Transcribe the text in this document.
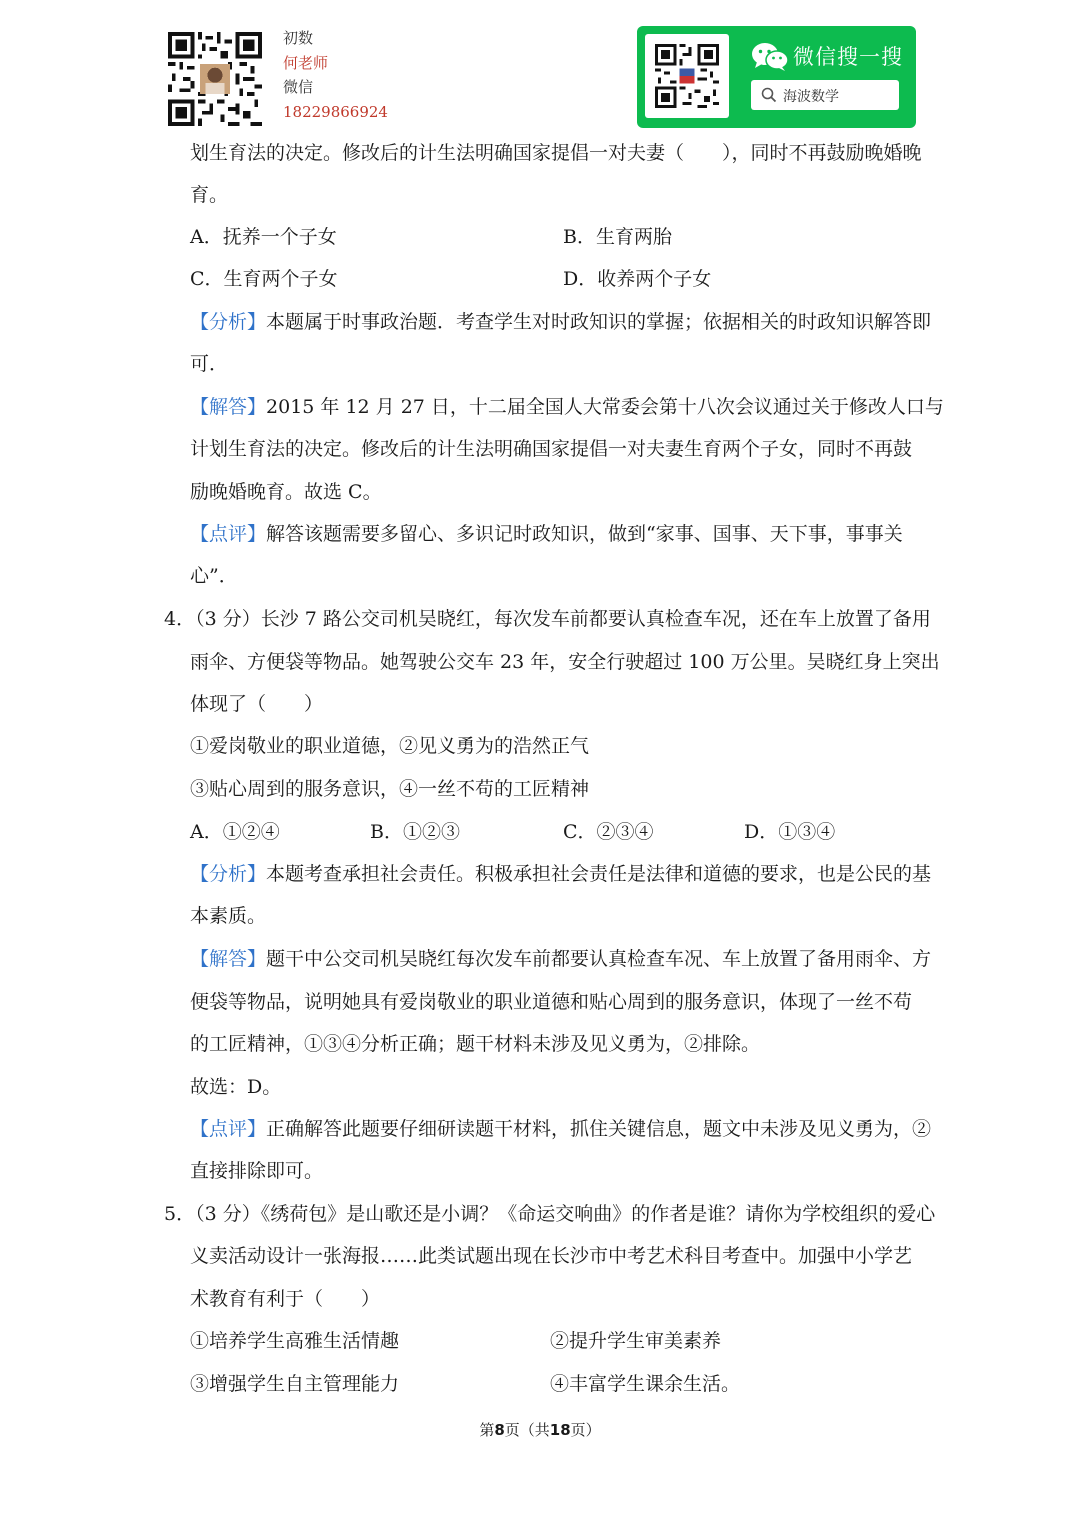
初数
何老师
微信
18229866924
微信搜一搜
海波数学
划生育法的决定。修改后的计生法明确国家提倡一对夫妻（　　），同时不再鼓励晚婚晚
育。
A．抚养一个子女	B．生育两胎
C．生育两个子女	D．收养两个子女
【分析】本题属于时事政治题．考查学生对时政知识的掌握；依据相关的时政知识解答即
可．
【解答】2015 年 12 月 27 日，十二届全国人大常委会第十八次会议通过关于修改人口与
计划生育法的决定。修改后的计生法明确国家提倡一对夫妻生育两个子女，同时不再鼓
励晚婚晚育。故选 C。
【点评】解答该题需要多留心、多识记时政知识，做到“家事、国事、天下事，事事关
心”．
4．（3 分）长沙 7 路公交司机吴晓红，每次发车前都要认真检查车况，还在车上放置了备用
雨伞、方便袋等物品。她驾驶公交车 23 年，安全行驶超过 100 万公里。吴晓红身上突出
体现了（　　）
①爱岗敬业的职业道德，②见义勇为的浩然正气
③贴心周到的服务意识，④一丝不苟的工匠精神
A．①②④	B．①②③	C．②③④	D．①③④
【分析】本题考查承担社会责任。积极承担社会责任是法律和道德的要求，也是公民的基
本素质。
【解答】题干中公交司机吴晓红每次发车前都要认真检查车况、车上放置了备用雨伞、方
便袋等物品，说明她具有爱岗敬业的职业道德和贴心周到的服务意识，体现了一丝不苟
的工匠精神，①③④分析正确；题干材料未涉及见义勇为，②排除。
故选：D。
【点评】正确解答此题要仔细研读题干材料，抓住关键信息，题文中未涉及见义勇为，②
直接排除即可。
5．（3 分）《绣荷包》是山歌还是小调？《命运交响曲》的作者是谁？请你为学校组织的爱心
义卖活动设计一张海报……此类试题出现在长沙市中考艺术科目考查中。加强中小学艺
术教育有利于（　　）
①培养学生高雅生活情趣	②提升学生审美素养
③增强学生自主管理能力	④丰富学生课余生活。
第8页（共18页）
